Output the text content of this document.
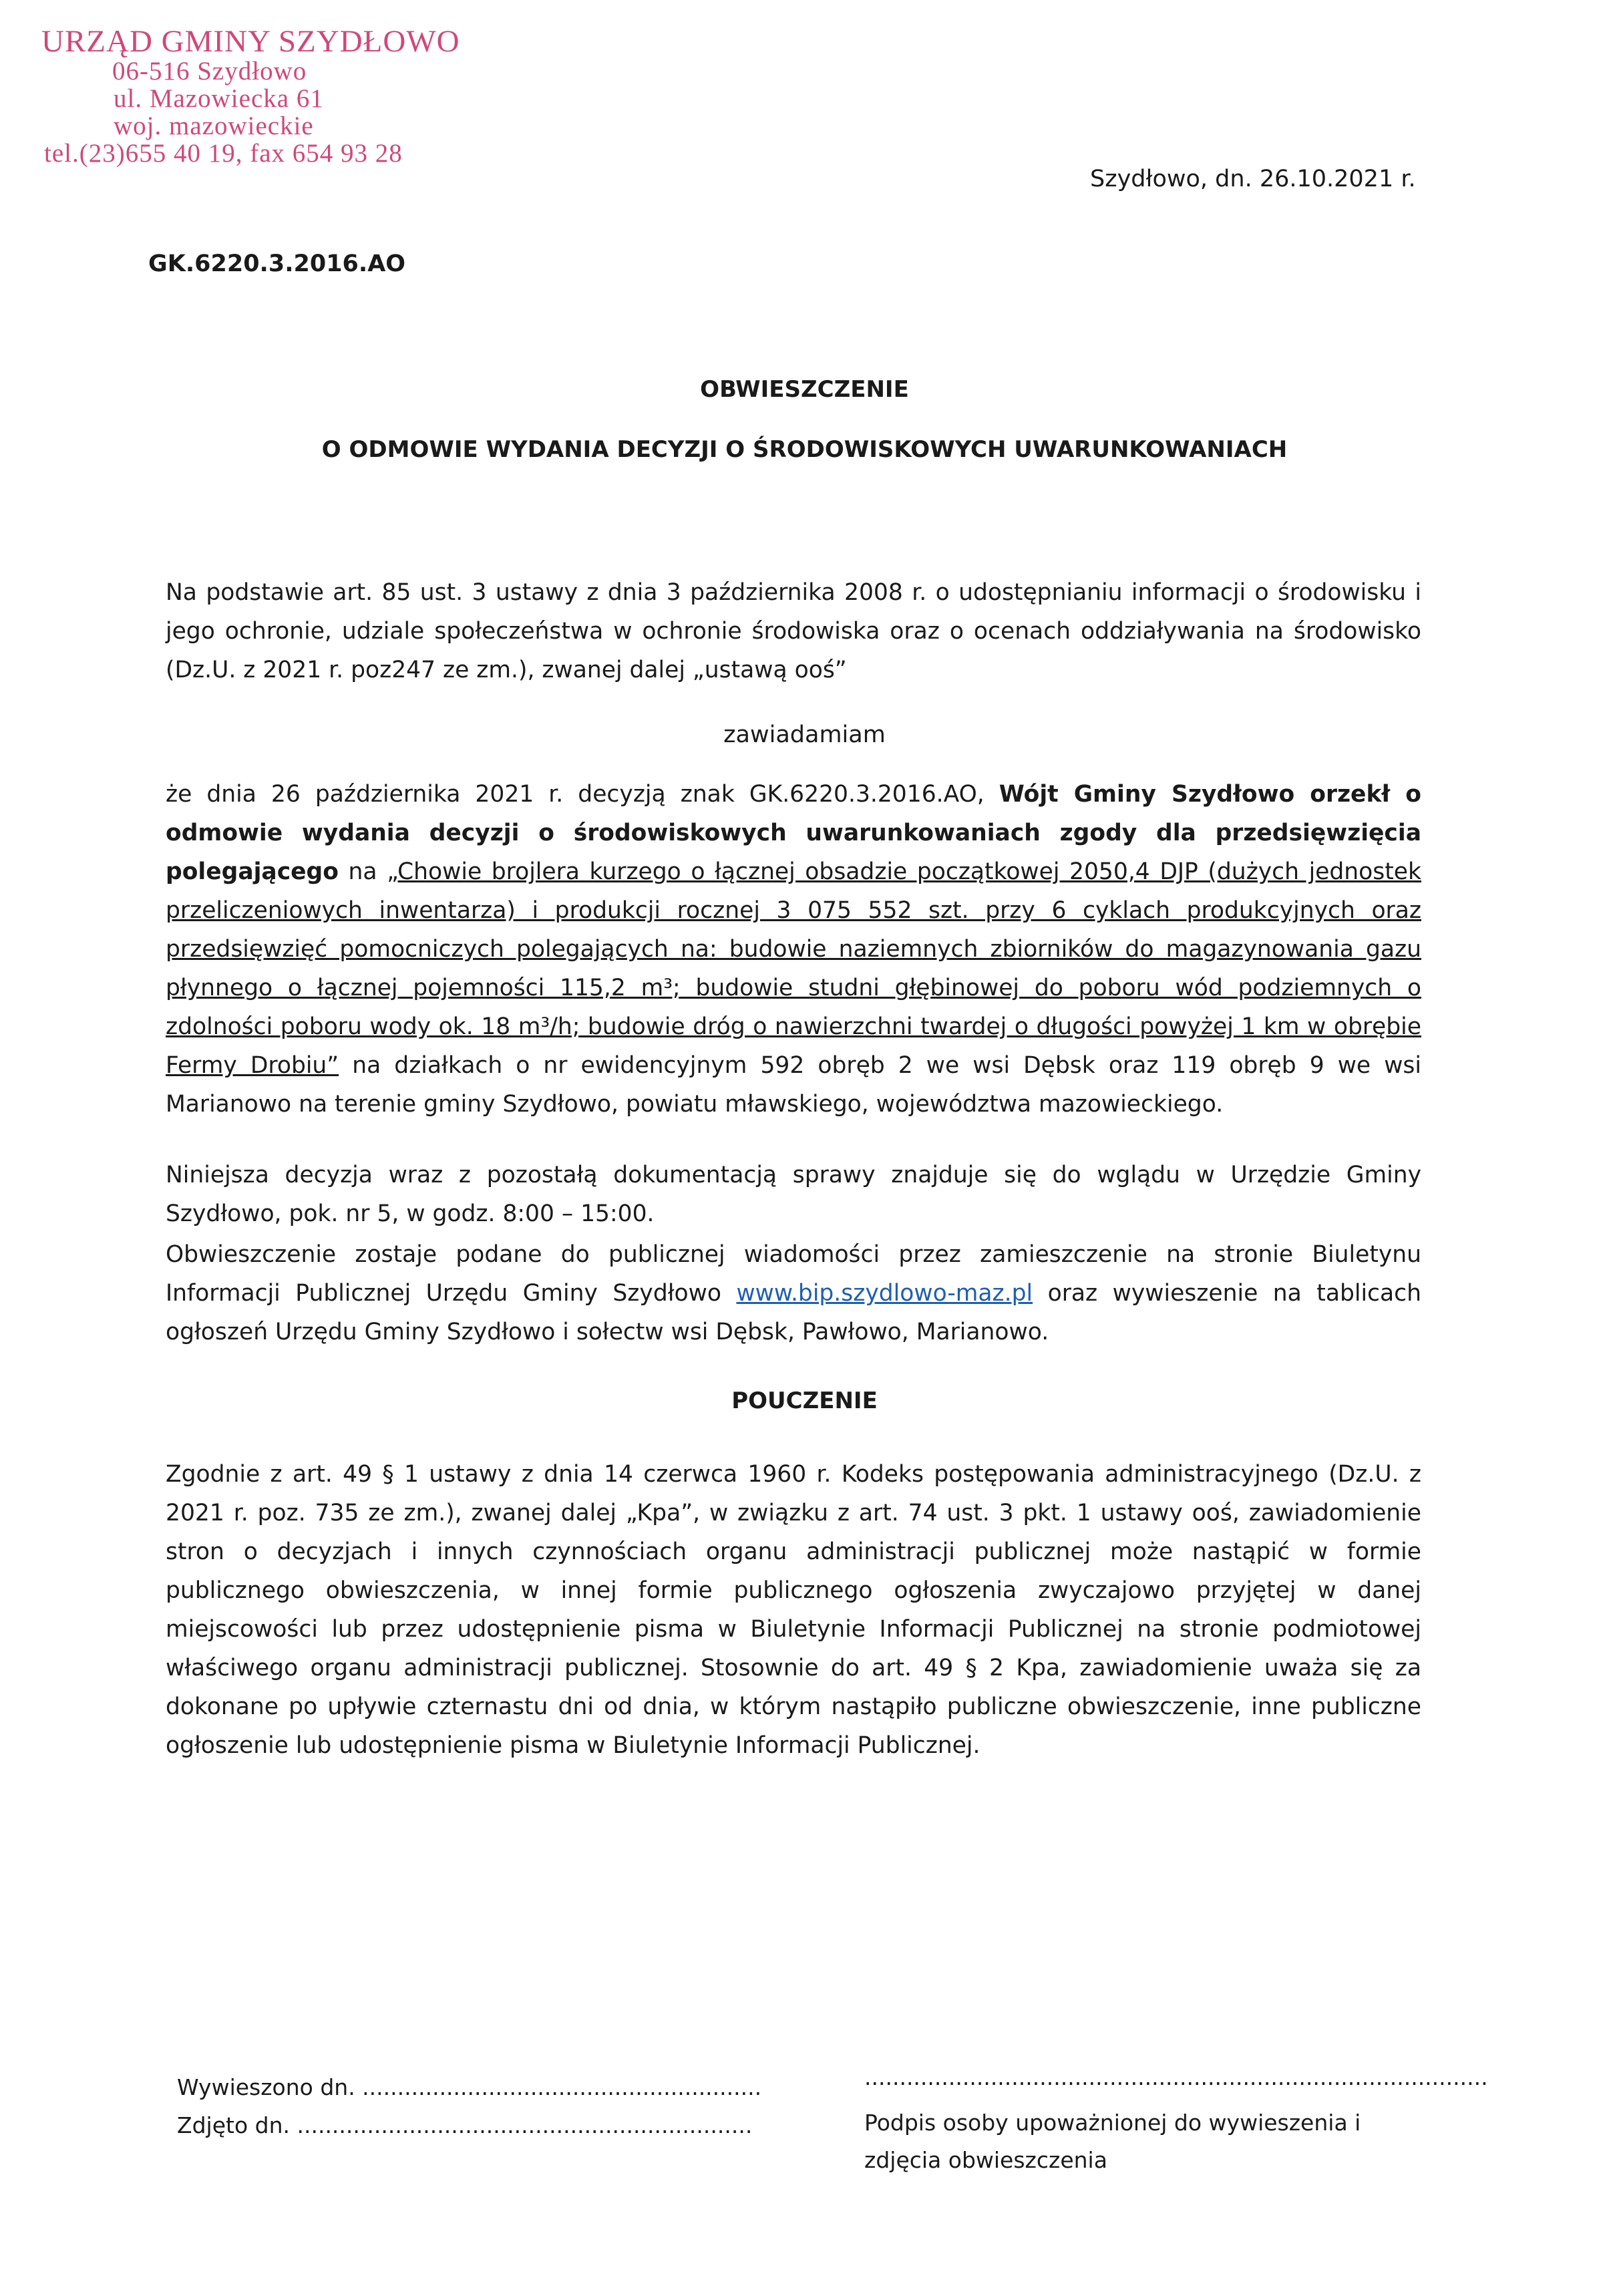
URZĄD GMINY SZYDŁOWO
06-516 Szydłowo
ul. Mazowiecka 61
woj. mazowieckie
tel.(23)655 40 19, fax 654 93 28
Szydłowo, dn. 26.10.2021 r.
GK.6220.3.2016.AO
OBWIESZCZENIE
O ODMOWIE WYDANIA DECYZJI O ŚRODOWISKOWYCH UWARUNKOWANIACH
Na podstawie art. 85 ust. 3 ustawy z dnia 3 października 2008 r. o udostępnianiu informacji o środowisku i jego ochronie, udziale społeczeństwa w ochronie środowiska oraz o ocenach oddziaływania na środowisko (Dz.U. z 2021 r. poz247 ze zm.), zwanej dalej „ustawą ooś”
zawiadamiam
że dnia 26 października 2021 r. decyzją znak GK.6220.3.2016.AO, Wójt Gminy Szydłowo orzekł o odmowie wydania decyzji o środowiskowych uwarunkowaniach zgody dla przedsięwzięcia polegającego na „Chowie brojlera kurzego o łącznej obsadzie początkowej 2050,4 DJP (dużych jednostek przeliczeniowych inwentarza) i produkcji rocznej 3 075 552 szt. przy 6 cyklach produkcyjnych oraz przedsięwzięć pomocniczych polegających na: budowie naziemnych zbiorników do magazynowania gazu płynnego o łącznej pojemności 115,2 m³; budowie studni głębinowej do poboru wód podziemnych o zdolności poboru wody ok. 18 m³/h; budowie dróg o nawierzchni twardej o długości powyżej 1 km w obrębie Fermy Drobiu” na działkach o nr ewidencyjnym 592 obręb 2 we wsi Dębsk oraz 119 obręb 9 we wsi Marianowo na terenie gminy Szydłowo, powiatu mławskiego, województwa mazowieckiego.
Niniejsza decyzja wraz z pozostałą dokumentacją sprawy znajduje się do wglądu w Urzędzie Gminy Szydłowo, pok. nr 5, w godz. 8:00 – 15:00.
Obwieszczenie zostaje podane do publicznej wiadomości przez zamieszczenie na stronie Biuletynu Informacji Publicznej Urzędu Gminy Szydłowo www.bip.szydlowo-maz.pl oraz wywieszenie na tablicach ogłoszeń Urzędu Gminy Szydłowo i sołectw wsi Dębsk, Pawłowo, Marianowo.
POUCZENIE
Zgodnie z art. 49 § 1 ustawy z dnia 14 czerwca 1960 r. Kodeks postępowania administracyjnego (Dz.U. z 2021 r. poz. 735 ze zm.), zwanej dalej „Kpa”, w związku z art. 74 ust. 3 pkt. 1 ustawy ooś, zawiadomienie stron o decyzjach i innych czynnościach organu administracji publicznej może nastąpić w formie publicznego obwieszczenia, w innej formie publicznego ogłoszenia zwyczajowo przyjętej w danej miejscowości lub przez udostępnienie pisma w Biuletynie Informacji Publicznej na stronie podmiotowej właściwego organu administracji publicznej. Stosownie do art. 49 § 2 Kpa, zawiadomienie uważa się za dokonane po upływie czternastu dni od dnia, w którym nastąpiło publiczne obwieszczenie, inne publiczne ogłoszenie lub udostępnienie pisma w Biuletynie Informacji Publicznej.
Wywieszono dn. .........................................................
Zdjęto dn. .................................................................
.........................................................................................
Podpis osoby upoważnionej do wywieszenia i zdjęcia obwieszczenia
